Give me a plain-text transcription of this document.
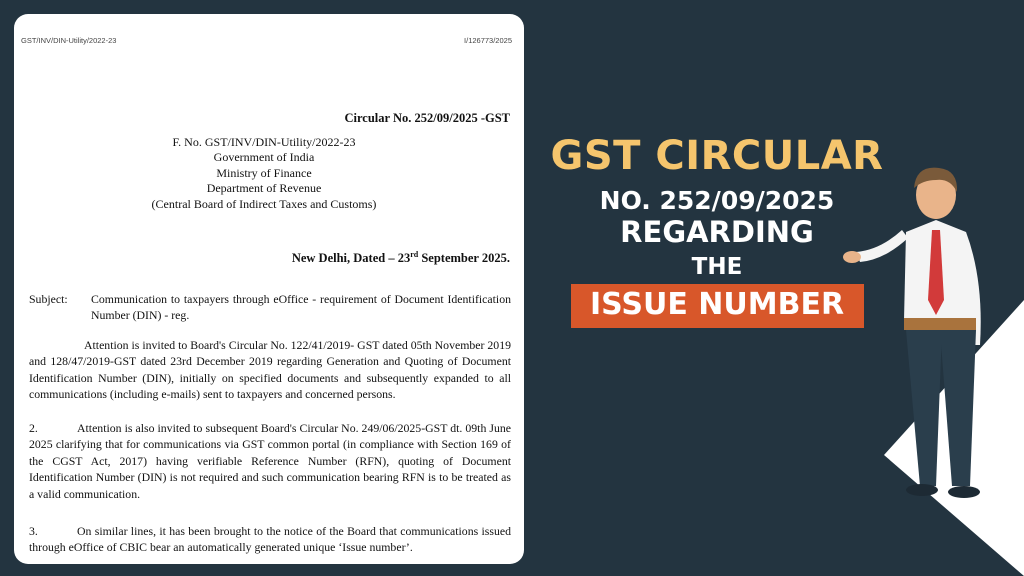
GST/INV/DIN-Utility/2022-23	I/126773/2025
Circular No. 252/09/2025 -GST
F. No. GST/INV/DIN-Utility/2022-23
Government of India
Ministry of Finance
Department of Revenue
(Central Board of Indirect Taxes and Customs)
New Delhi, Dated – 23rd September 2025.
Subject:	Communication to taxpayers through eOffice - requirement of Document Identification Number (DIN) - reg.
Attention is invited to Board's Circular No. 122/41/2019- GST dated 05th November 2019 and 128/47/2019-GST dated 23rd December 2019 regarding Generation and Quoting of Document Identification Number (DIN), initially on specified documents and subsequently expanded to all communications (including e-mails) sent to taxpayers and concerned persons.
2.	Attention is also invited to subsequent Board's Circular No. 249/06/2025-GST dt. 09th June 2025 clarifying that for communications via GST common portal (in compliance with Section 169 of the CGST Act, 2017) having verifiable Reference Number (RFN), quoting of Document Identification Number (DIN) is not required and such communication bearing RFN is to be treated as a valid communication.
3.	On similar lines, it has been brought to the notice of the Board that communications issued through eOffice of CBIC bear an automatically generated unique ‘Issue number’.
GST CIRCULAR
NO. 252/09/2025
REGARDING
THE
ISSUE NUMBER
